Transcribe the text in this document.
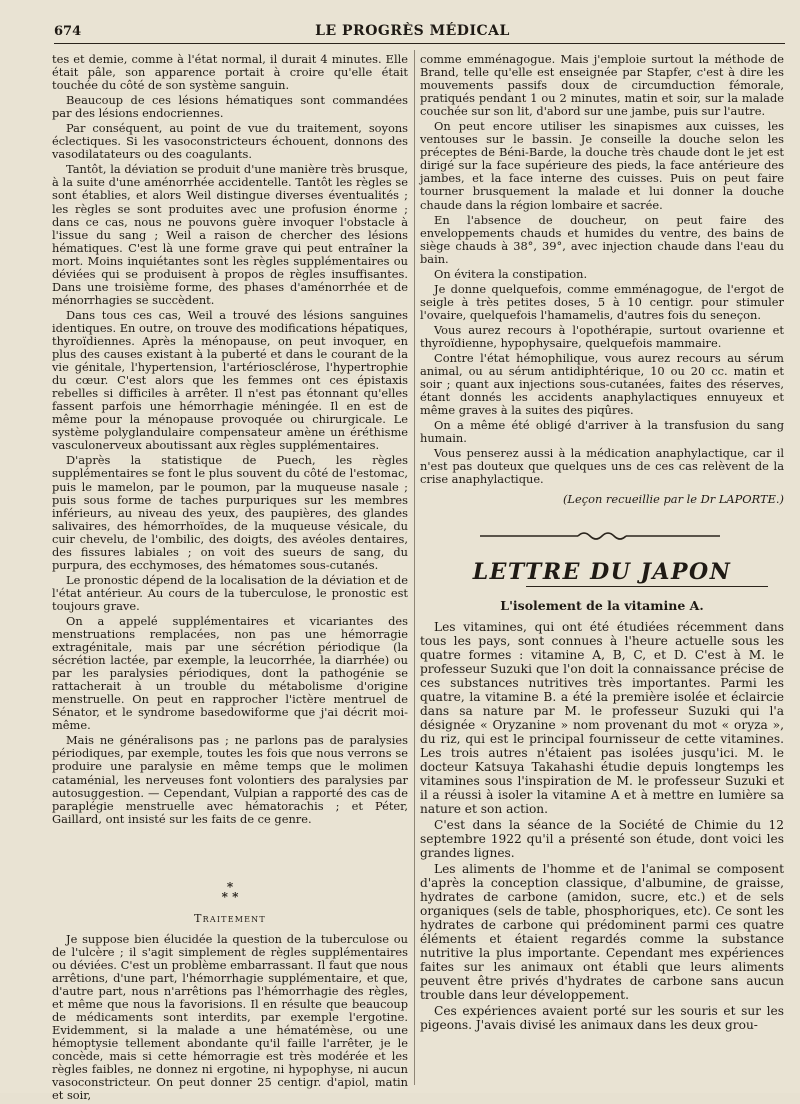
674	LE PROGRÈS MÉDICAL

tes et demie, comme à l'état normal, il durait 4 minutes. Elle était pâle, son apparence portait à croire qu'elle était touchée du côté de son système sanguin.

Beaucoup de ces lésions hématiques sont commandées par des lésions endocriennes.

Par conséquent, au point de vue du traitement, soyons éclectiques. Si les vasoconstricteurs échouent, donnons des vasodilatateurs ou des coagulants.

Tantôt, la déviation se produit d'une manière très brusque, à la suite d'une aménorrhée accidentelle. Tantôt les règles se sont établies, et alors Weil distingue diverses éventualités ; les règles se sont produites avec une profusion énorme ; dans ce cas, nous ne pouvons guère invoquer l'obstacle à l'issue du sang ; Weil a raison de chercher des lésions hématiques. C'est là une forme grave qui peut entraîner la mort. Moins inquiétantes sont les règles supplémentaires ou déviées qui se produisent à propos de règles insuffisantes. Dans une troisième forme, des phases d'aménorrhée et de ménorrhagies se succèdent.

Dans tous ces cas, Weil a trouvé des lésions sanguines identiques. En outre, on trouve des modifications hépatiques, thyroïdiennes. Après la ménopause, on peut invoquer, en plus des causes existant à la puberté et dans le courant de la vie génitale, l'hypertension, l'artériosclérose, l'hypertrophie du cœur. C'est alors que les femmes ont ces épistaxis rebelles si difficiles à arrêter. Il n'est pas étonnant qu'elles fassent parfois une hémorrhagie méningée. Il en est de même pour la ménopause provoquée ou chirurgicale. Le système polyglandulaire compensateur amène un éréthisme vasculonerveux aboutissant aux règles supplémentaires.

D'après la statistique de Puech, les règles supplémentaires se font le plus souvent du côté de l'estomac, puis le mamelon, par le poumon, par la muqueuse nasale ; puis sous forme de taches purpuriques sur les membres inférieurs, au niveau des yeux, des paupières, des glandes salivaires, des hémorrhoïdes, de la muqueuse vésicale, du cuir chevelu, de l'ombilic, des doigts, des avéoles dentaires, des fissures labiales ; on voit des sueurs de sang, du purpura, des ecchymoses, des hématomes sous-cutanés.

Le pronostic dépend de la localisation de la déviation et de l'état antérieur. Au cours de la tuberculose, le pronostic est toujours grave.

On a appelé supplémentaires et vicariantes des menstruations remplacées, non pas une hémorragie extragénitale, mais par une sécrétion périodique (la sécrétion lactée, par exemple, la leucorrhée, la diarrhée) ou par les paralysies périodiques, dont la pathogénie se rattacherait à un trouble du métabolisme d'origine menstruelle. On peut en rapprocher l'ictère mentruel de Sénator, et le syndrome basedowiforme que j'ai décrit moi-même.

Mais ne généralisons pas ; ne parlons pas de paralysies périodiques, par exemple, toutes les fois que nous verrons se produire une paralysie en même temps que le molimen cataménial, les nerveuses font volontiers des paralysies par autosuggestion. — Cependant, Vulpian a rapporté des cas de paraplégie menstruelle avec hématorachis ; et Péter, Gaillard, ont insisté sur les faits de ce genre.

*
* *
Traitement

Je suppose bien élucidée la question de la tuberculose ou de l'ulcère ; il s'agit simplement de règles supplémentaires ou déviées. C'est un problème embarrassant. Il faut que nous arrêtions, d'une part, l'hémorrhagie supplémentaire, et que, d'autre part, nous n'arrêtions pas l'hémorrhagie des règles, et même que nous la favorisions. Il en résulte que beaucoup de médicaments sont interdits, par exemple l'ergotine. Evidemment, si la malade a une hématémèse, ou une hémoptysie tellement abondante qu'il faille l'arrêter, je le concède, mais si cette hémorragie est très modérée et les règles faibles, ne donnez ni ergotine, ni hypophyse, ni aucun vasoconstricteur. On peut donner 25 centigr. d'apiol, matin et soir,

comme emménagogue. Mais j'emploie surtout la méthode de Brand, telle qu'elle est enseignée par Stapfer, c'est à dire les mouvements passifs doux de circumduction fémorale, pratiqués pendant 1 ou 2 minutes, matin et soir, sur la malade couchée sur son lit, d'abord sur une jambe, puis sur l'autre.

On peut encore utiliser les sinapismes aux cuisses, les ventouses sur le bassin. Je conseille la douche selon les préceptes de Béni-Barde, la douche très chaude dont le jet est dirigé sur la face supérieure des pieds, la face antérieure des jambes, et la face interne des cuisses. Puis on peut faire tourner brusquement la malade et lui donner la douche chaude dans la région lombaire et sacrée.

En l'absence de doucheur, on peut faire des enveloppements chauds et humides du ventre, des bains de siège chauds à 38°, 39°, avec injection chaude dans l'eau du bain.

On évitera la constipation.

Je donne quelquefois, comme emménagogue, de l'ergot de seigle à très petites doses, 5 à 10 centigr. pour stimuler l'ovaire, quelquefois l'hamamelis, d'autres fois du seneçon.

Vous aurez recours à l'opothérapie, surtout ovarienne et thyroïdienne, hypophysaire, quelquefois mammaire.

Contre l'état hémophilique, vous aurez recours au sérum animal, ou au sérum antidiphtérique, 10 ou 20 cc. matin et soir ; quant aux injections sous-cutanées, faites des réserves, étant donnés les accidents anaphylactiques ennuyeux et même graves à la suites des piqûres.

On a même été obligé d'arriver à la transfusion du sang humain.

Vous penserez aussi à la médication anaphylactique, car il n'est pas douteux que quelques uns de ces cas relèvent de la crise anaphylactique.

(Leçon recueillie par le Dr LAPORTE.)
LETTRE DU JAPON
L'isolement de la vitamine A.

Les vitamines, qui ont été étudiées récemment dans tous les pays, sont connues à l'heure actuelle sous les quatre formes : vitamine A, B, C, et D. C'est à M. le professeur Suzuki que l'on doit la connaissance précise de ces substances nutritives très importantes. Parmi les quatre, la vitamine B. a été la première isolée et éclaircie dans sa nature par M. le professeur Suzuki qui l'a désignée « Oryzanine » nom provenant du mot « oryza », du riz, qui est le principal fournisseur de cette vitamines. Les trois autres n'étaient pas isolées jusqu'ici. M. le docteur Katsuya Takahashi étudie depuis longtemps les vitamines sous l'inspiration de M. le professeur Suzuki et il a réussi à isoler la vitamine A et à mettre en lumière sa nature et son action.

C'est dans la séance de la Société de Chimie du 12 septembre 1922 qu'il a présenté son étude, dont voici les grandes lignes.

Les aliments de l'homme et de l'animal se composent d'après la conception classique, d'albumine, de graisse, hydrates de carbone (amidon, sucre, etc.) et de sels organiques (sels de table, phosphoriques, etc). Ce sont les hydrates de carbone qui prédominent parmi ces quatre éléments et étaient regardés comme la substance nutritive la plus importante. Cependant mes expériences faites sur les animaux ont établi que leurs aliments peuvent être privés d'hydrates de carbone sans aucun trouble dans leur développement.

Ces expériences avaient porté sur les souris et sur les pigeons. J'avais divisé les animaux dans les deux grou-
